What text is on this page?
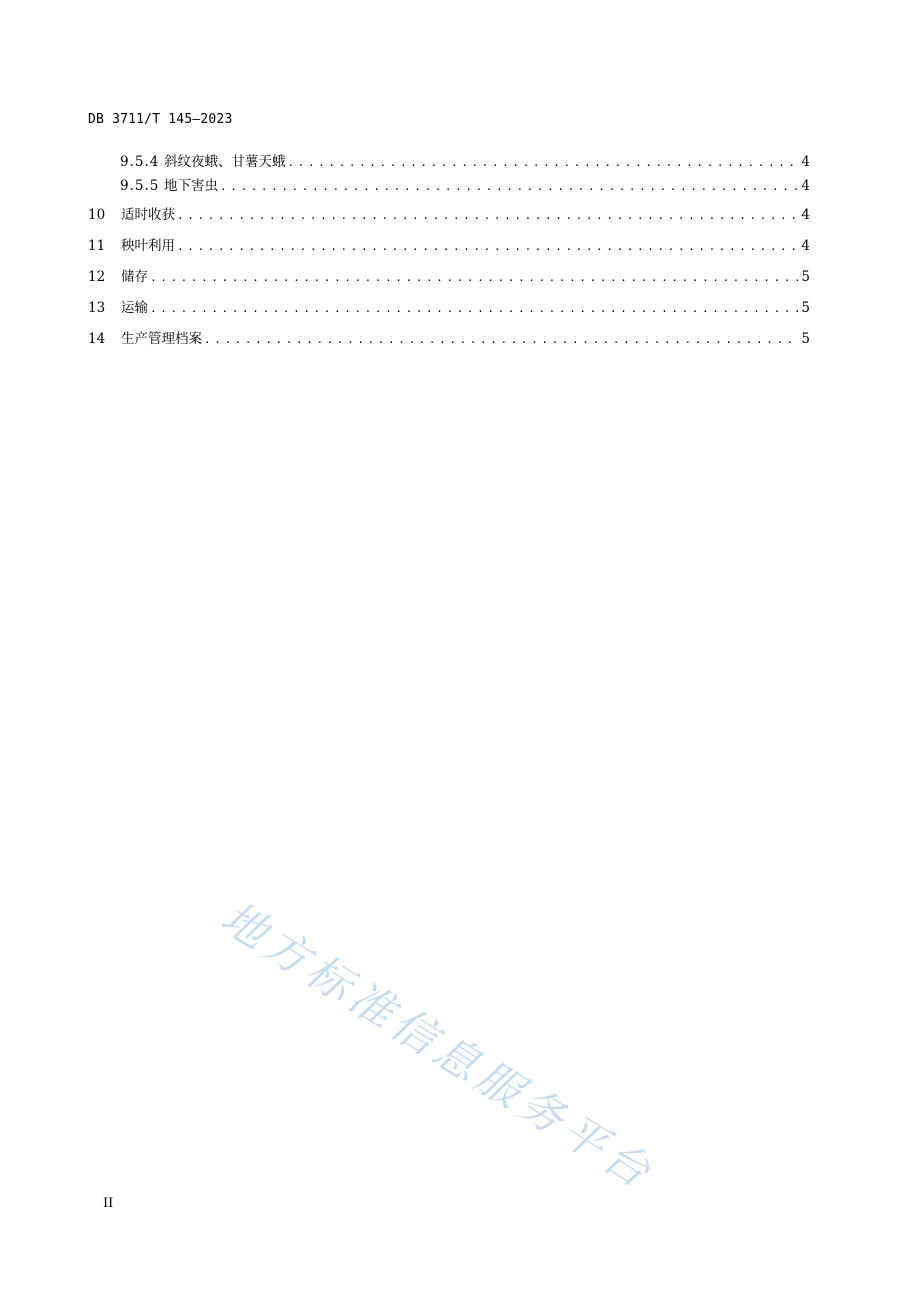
DB 3711/T 145—2023
9.5.4 斜纹夜蛾、甘薯天蛾 .....	4
9.5.5 地下害虫 .....	4
10	适时收获 .....	4
11	秧叶利用 .....	4
12	储存 .....	5
13	运输 .....	5
14	生产管理档案 .....	5
地方标准信息服务平台
II
